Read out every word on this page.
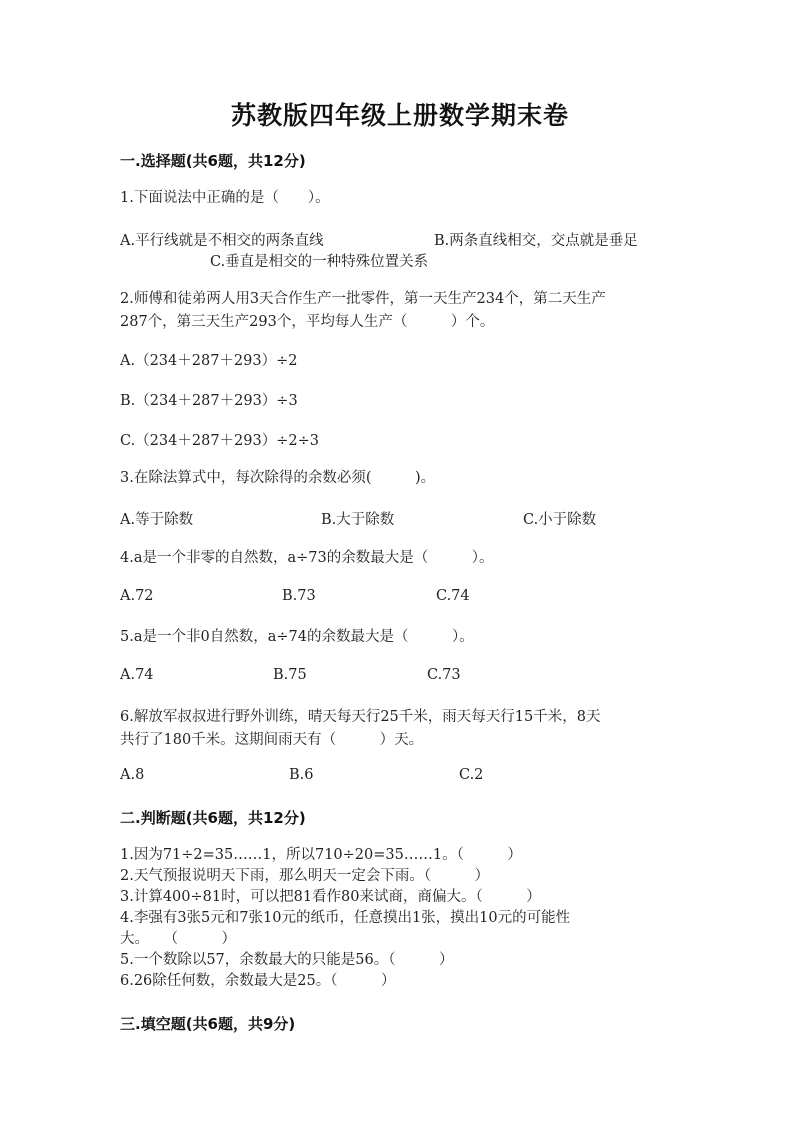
苏教版四年级上册数学期末卷
一.选择题(共6题，共12分)
1.下面说法中正确的是（　　）。
A.平行线就是不相交的两条直线	B.两条直线相交，交点就是垂足
C.垂直是相交的一种特殊位置关系
2.师傅和徒弟两人用3天合作生产一批零件，第一天生产234个，第二天生产
287个，第三天生产293个，平均每人生产（　　　）个。
A.（234＋287＋293）÷2
B.（234＋287＋293）÷3
C.（234＋287＋293）÷2÷3
3.在除法算式中，每次除得的余数必须(　　　)。
A.等于除数	B.大于除数	C.小于除数
4.a是一个非零的自然数，a÷73的余数最大是（　　　）。
A.72	B.73	C.74
5.a是一个非0自然数，a÷74的余数最大是（　　　）。
A.74	B.75	C.73
6.解放军叔叔进行野外训练，晴天每天行25千米，雨天每天行15千米，8天
共行了180千米。这期间雨天有（　　　）天。
A.8	B.6	C.2
二.判断题(共6题，共12分)
1.因为71÷2=35……1，所以710÷20=35……1。（　　　）
2.天气预报说明天下雨，那么明天一定会下雨。（　　　）
3.计算400÷81时，可以把81看作80来试商，商偏大。（　　　）
4.李强有3张5元和7张10元的纸币，任意摸出1张，摸出10元的可能性
大。　　（　　　）
5.一个数除以57，余数最大的只能是56。（　　　）
6.26除任何数，余数最大是25。（　　　）
三.填空题(共6题，共9分)
